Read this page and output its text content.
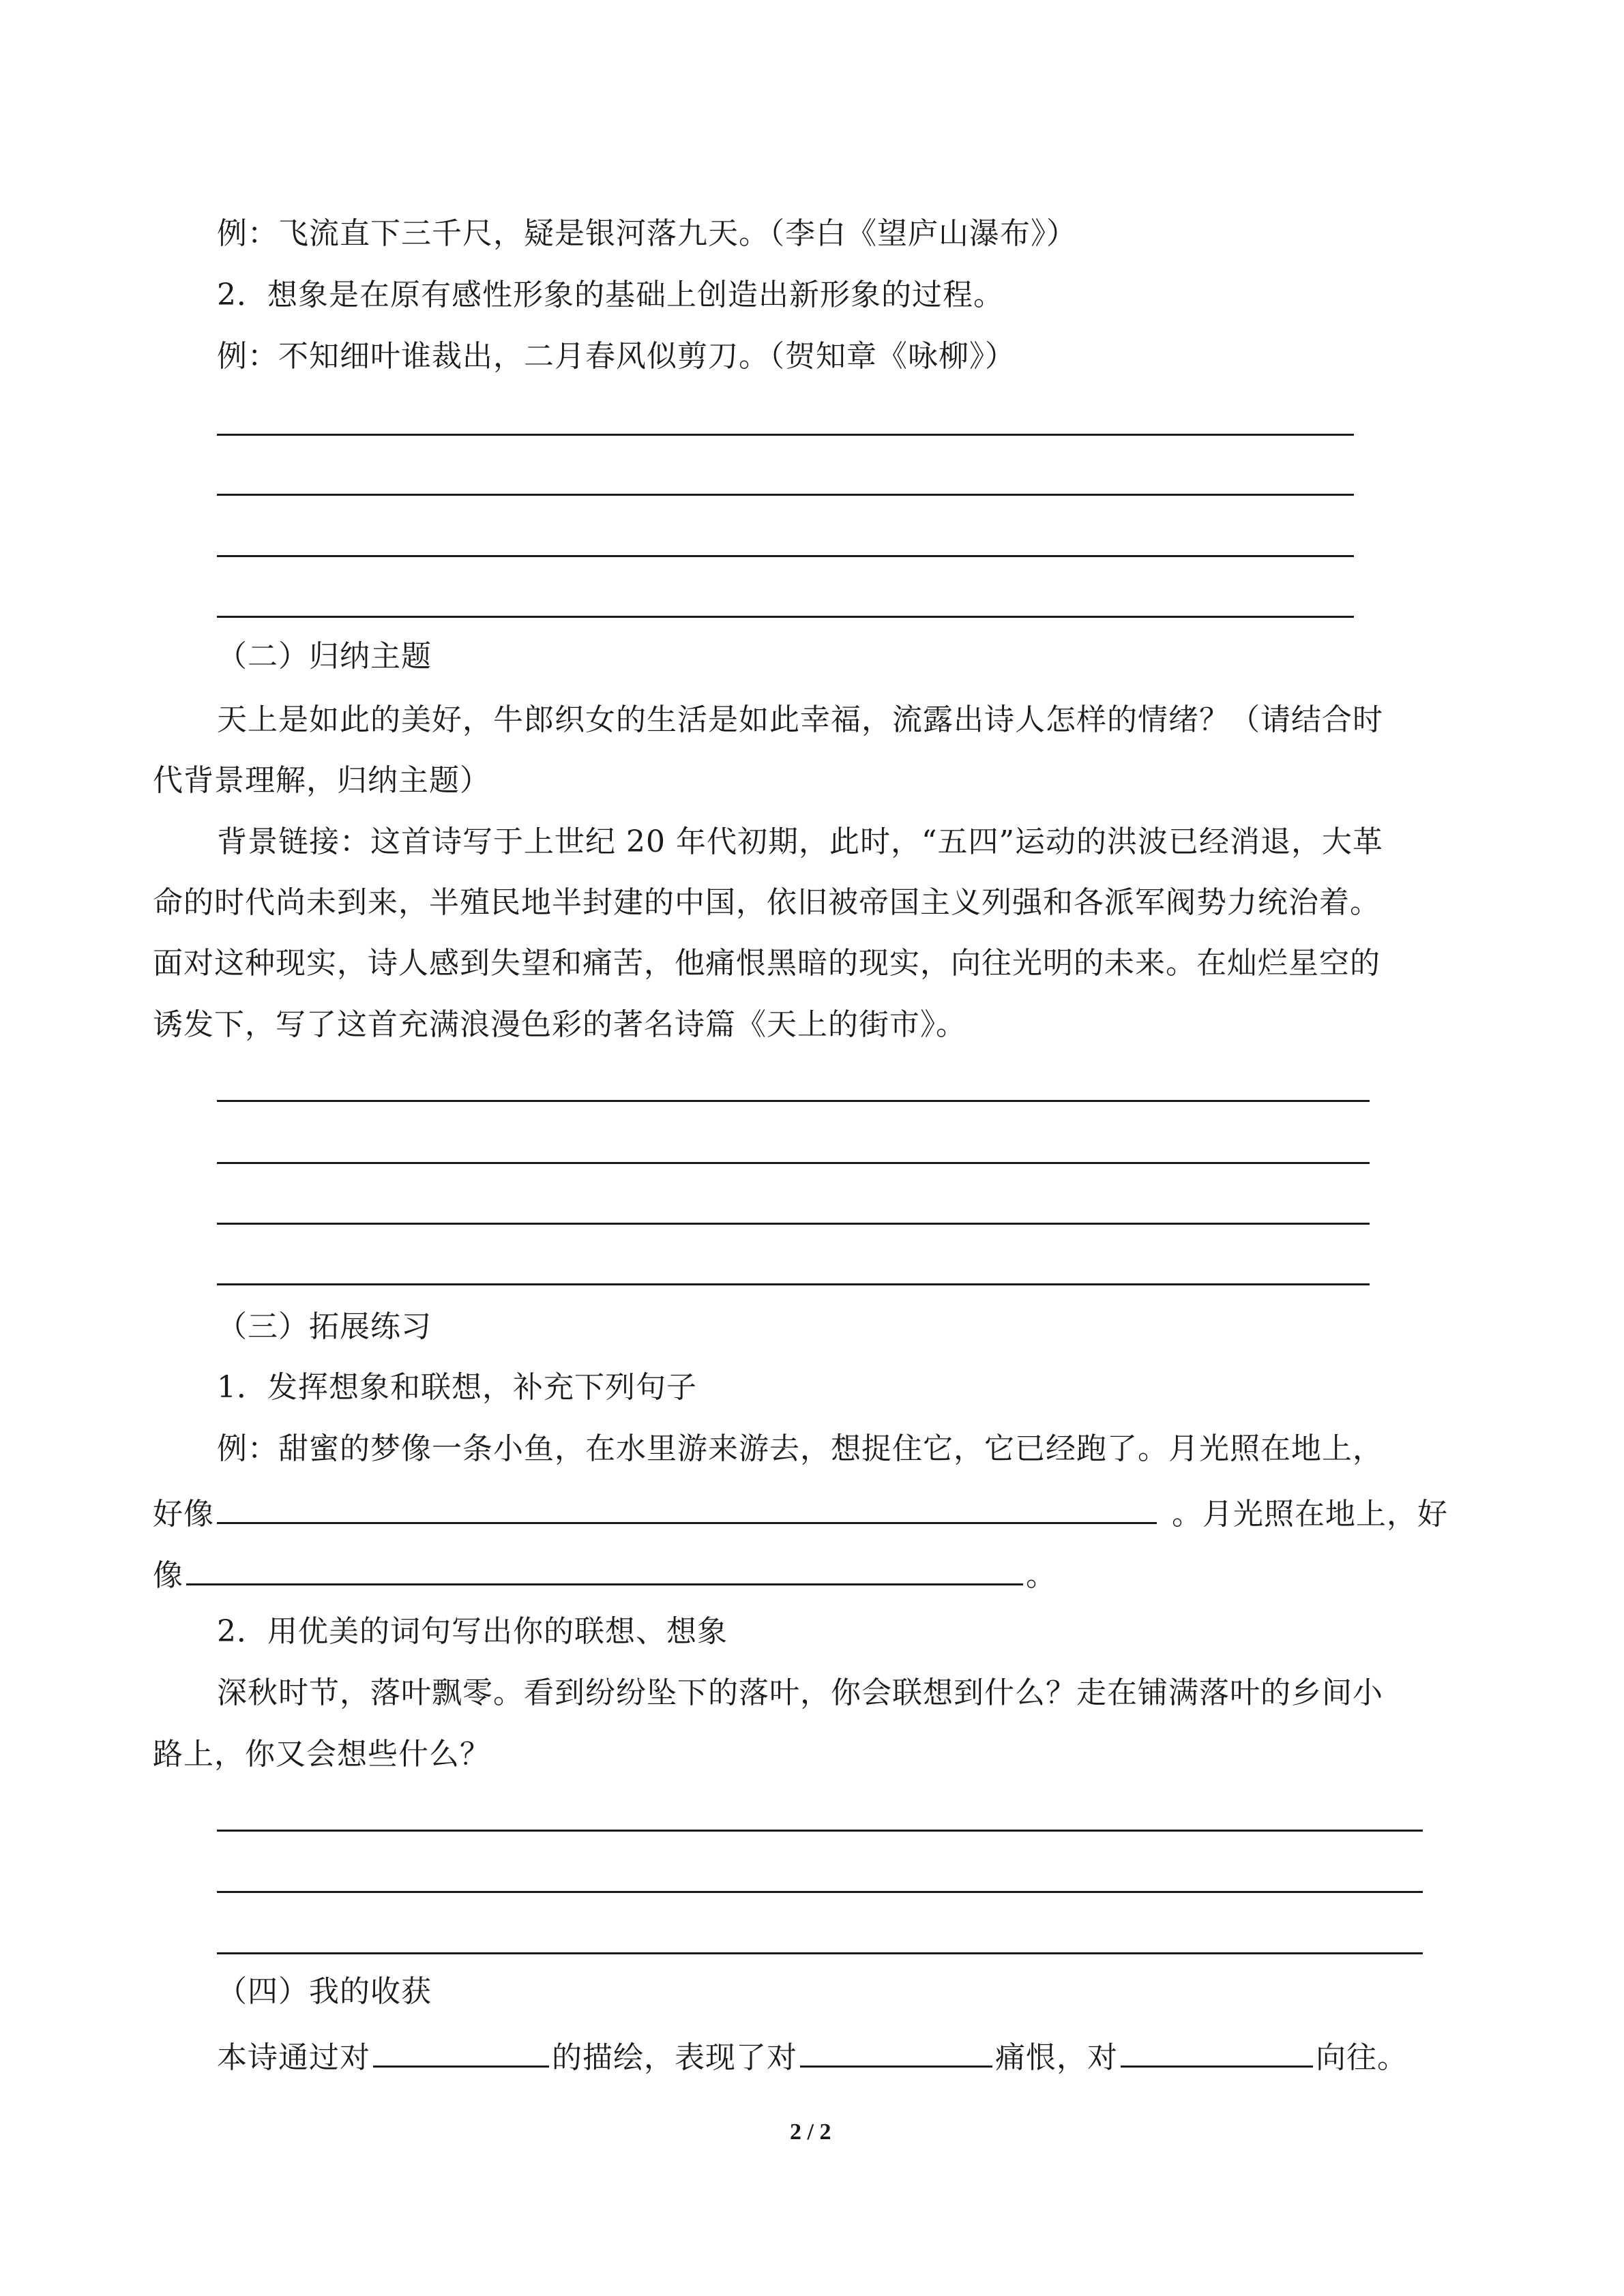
例：飞流直下三千尺，疑是银河落九天。（李白《望庐山瀑布》）
2．想象是在原有感性形象的基础上创造出新形象的过程。
例：不知细叶谁裁出，二月春风似剪刀。（贺知章《咏柳》）
（二）归纳主题
天上是如此的美好，牛郎织女的生活是如此幸福，流露出诗人怎样的情绪？（请结合时
代背景理解，归纳主题）
背景链接：这首诗写于上世纪 20 年代初期，此时，“五四”运动的洪波已经消退，大革
命的时代尚未到来，半殖民地半封建的中国，依旧被帝国主义列强和各派军阀势力统治着。
面对这种现实，诗人感到失望和痛苦，他痛恨黑暗的现实，向往光明的未来。在灿烂星空的
诱发下，写了这首充满浪漫色彩的著名诗篇《天上的街市》。
（三）拓展练习
1．发挥想象和联想，补充下列句子
例：甜蜜的梦像一条小鱼，在水里游来游去，想捉住它，它已经跑了。月光照在地上，
好像	。月光照在地上，好
像	。
2．用优美的词句写出你的联想、想象
深秋时节，落叶飘零。看到纷纷坠下的落叶，你会联想到什么？走在铺满落叶的乡间小
路上，你又会想些什么？
（四）我的收获
本诗通过对	的描绘，表现了对	痛恨，对	向往。
2 / 2
